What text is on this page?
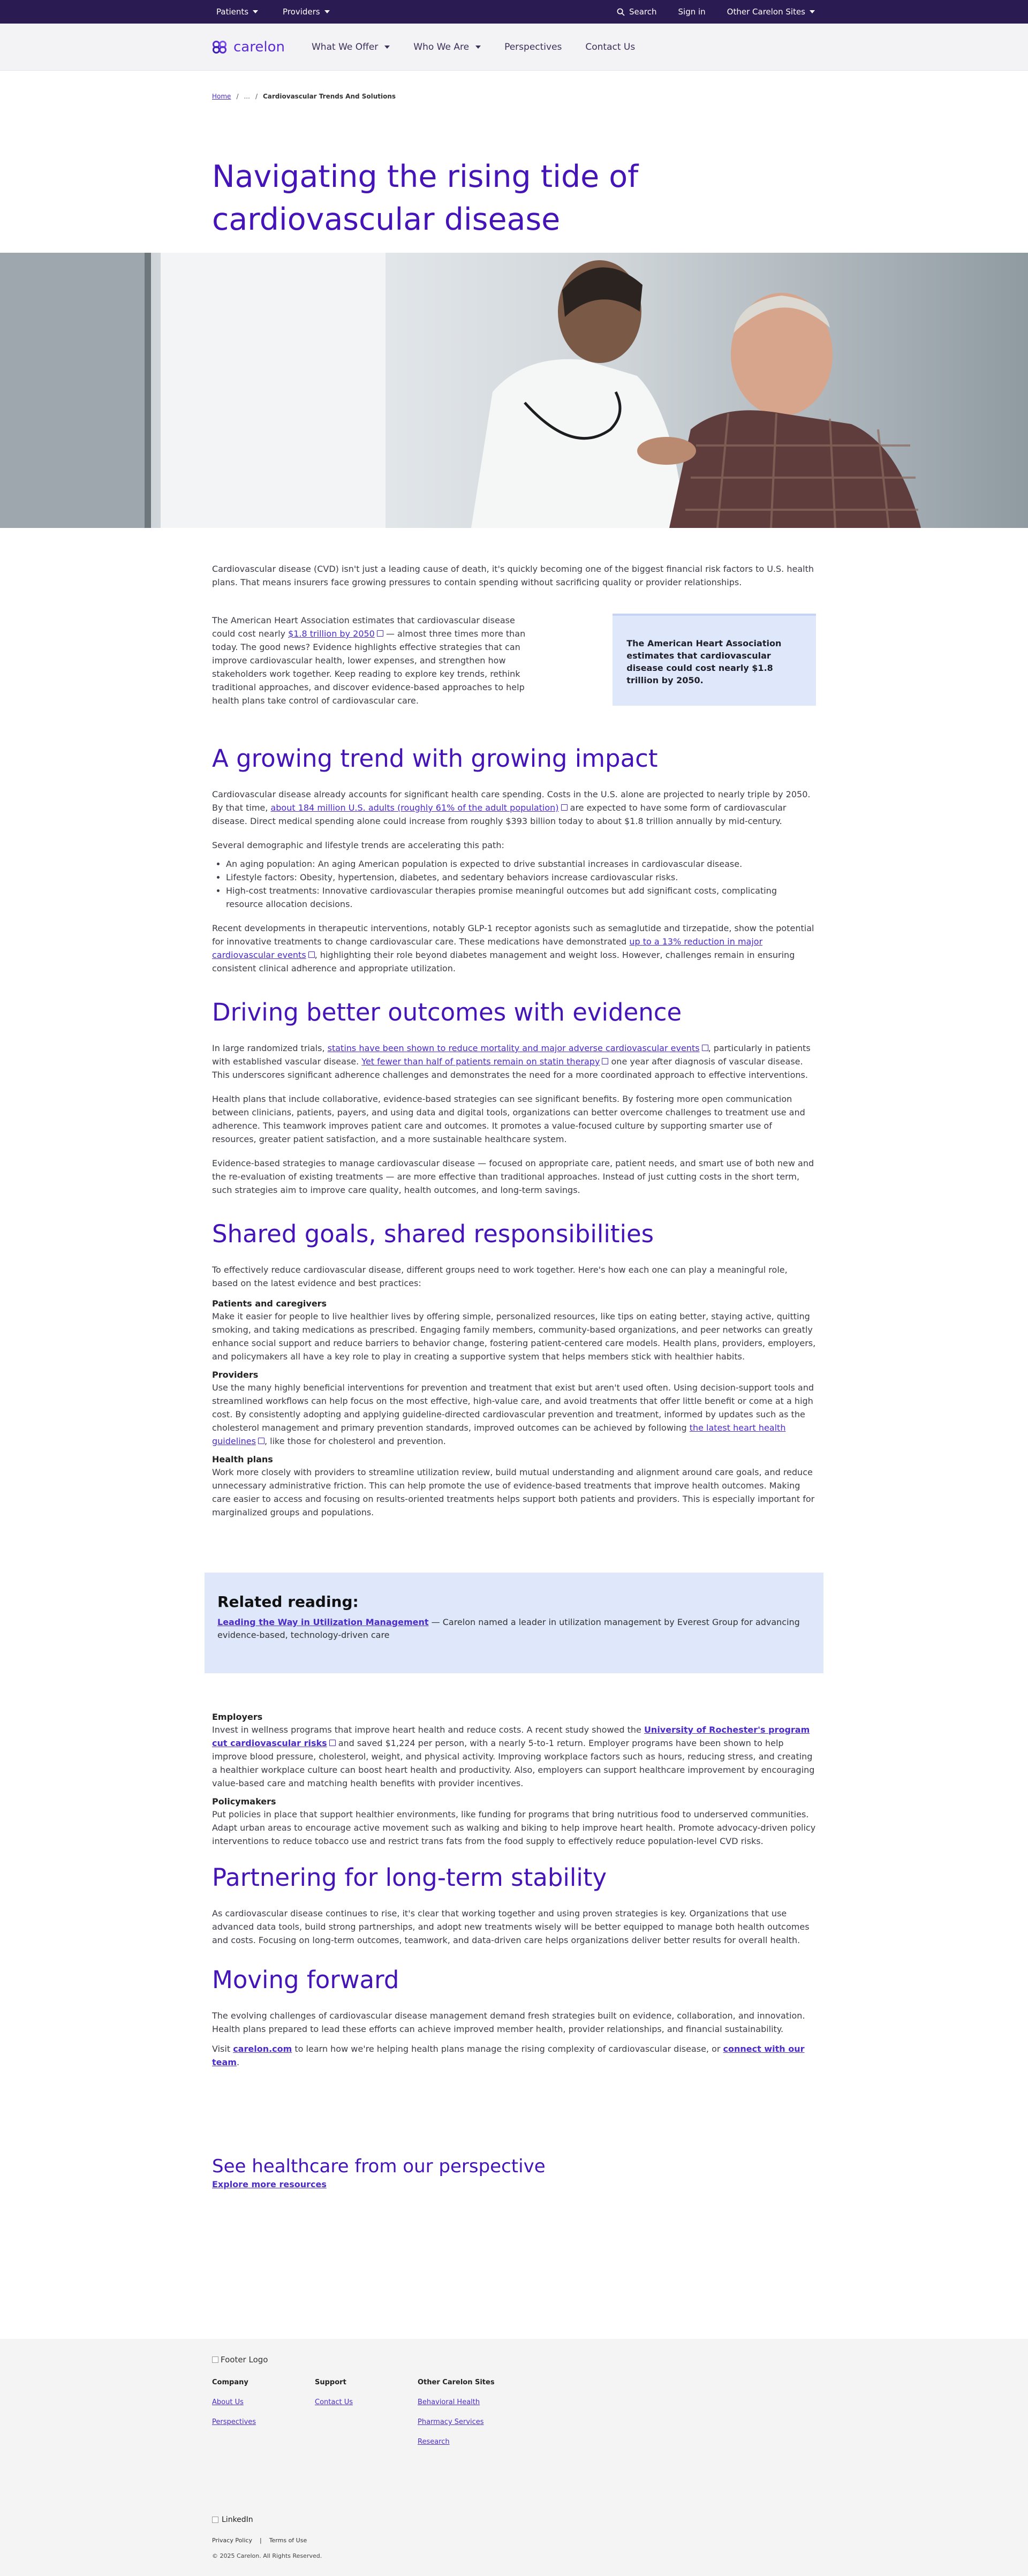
Patients	Providers	Search	Sign in	Other Carelon Sites
carelon	What We Offer	Who We Are	Perspectives	Contact Us
Home / ... / Cardiovascular Trends And Solutions
Navigating the rising tide of cardiovascular disease

Cardiovascular disease (CVD) isn't just a leading cause of death, it's quickly becoming one of the biggest financial risk factors to U.S. health plans. That means insurers face growing pressures to contain spending without sacrificing quality or provider relationships.

The American Heart Association estimates that cardiovascular disease could cost nearly $1.8 trillion by 2050 — almost three times more than today. The good news? Evidence highlights effective strategies that can improve cardiovascular health, lower expenses, and strengthen how stakeholders work together. Keep reading to explore key trends, rethink traditional approaches, and discover evidence-based approaches to help health plans take control of cardiovascular care.

The American Heart Association estimates that cardiovascular disease could cost nearly $1.8 trillion by 2050.
A growing trend with growing impact

Cardiovascular disease already accounts for significant health care spending. Costs in the U.S. alone are projected to nearly triple by 2050. By that time, about 184 million U.S. adults (roughly 61% of the adult population) are expected to have some form of cardiovascular disease. Direct medical spending alone could increase from roughly $393 billion today to about $1.8 trillion annually by mid-century.

Several demographic and lifestyle trends are accelerating this path:

• An aging population: An aging American population is expected to drive substantial increases in cardiovascular disease.
• Lifestyle factors: Obesity, hypertension, diabetes, and sedentary behaviors increase cardiovascular risks.
• High-cost treatments: Innovative cardiovascular therapies promise meaningful outcomes but add significant costs, complicating resource allocation decisions.

Recent developments in therapeutic interventions, notably GLP-1 receptor agonists such as semaglutide and tirzepatide, show the potential for innovative treatments to change cardiovascular care. These medications have demonstrated up to a 13% reduction in major cardiovascular events , highlighting their role beyond diabetes management and weight loss. However, challenges remain in ensuring consistent clinical adherence and appropriate utilization.

Driving better outcomes with evidence

In large randomized trials, statins have been shown to reduce mortality and major adverse cardiovascular events , particularly in patients with established vascular disease. Yet fewer than half of patients remain on statin therapy one year after diagnosis of vascular disease. This underscores significant adherence challenges and demonstrates the need for a more coordinated approach to effective interventions.

Health plans that include collaborative, evidence-based strategies can see significant benefits. By fostering more open communication between clinicians, patients, payers, and using data and digital tools, organizations can better overcome challenges to treatment use and adherence. This teamwork improves patient care and outcomes. It promotes a value-focused culture by supporting smarter use of resources, greater patient satisfaction, and a more sustainable healthcare system.

Evidence-based strategies to manage cardiovascular disease — focused on appropriate care, patient needs, and smart use of both new and the re-evaluation of existing treatments — are more effective than traditional approaches. Instead of just cutting costs in the short term, such strategies aim to improve care quality, health outcomes, and long-term savings.

Shared goals, shared responsibilities

To effectively reduce cardiovascular disease, different groups need to work together. Here's how each one can play a meaningful role, based on the latest evidence and best practices:

Patients and caregivers

Make it easier for people to live healthier lives by offering simple, personalized resources, like tips on eating better, staying active, quitting smoking, and taking medications as prescribed. Engaging family members, community-based organizations, and peer networks can greatly enhance social support and reduce barriers to behavior change, fostering patient-centered care models. Health plans, providers, employers, and policymakers all have a key role to play in creating a supportive system that helps members stick with healthier habits.

Providers

Use the many highly beneficial interventions for prevention and treatment that exist but aren't used often. Using decision-support tools and streamlined workflows can help focus on the most effective, high-value care, and avoid treatments that offer little benefit or come at a high cost. By consistently adopting and applying guideline-directed cardiovascular prevention and treatment, informed by updates such as the cholesterol management and primary prevention standards, improved outcomes can be achieved by following the latest heart health guidelines , like those for cholesterol and prevention.

Health plans

Work more closely with providers to streamline utilization review, build mutual understanding and alignment around care goals, and reduce unnecessary administrative friction. This can help promote the use of evidence-based treatments that improve health outcomes. Making care easier to access and focusing on results-oriented treatments helps support both patients and providers. This is especially important for marginalized groups and populations.

Related reading:

Leading the Way in Utilization Management — Carelon named a leader in utilization management by Everest Group for advancing evidence-based, technology-driven care

Employers

Invest in wellness programs that improve heart health and reduce costs. A recent study showed the University of Rochester's program cut cardiovascular risks and saved $1,224 per person, with a nearly 5-to-1 return. Employer programs have been shown to help improve blood pressure, cholesterol, weight, and physical activity. Improving workplace factors such as hours, reducing stress, and creating a healthier workplace culture can boost heart health and productivity. Also, employers can support healthcare improvement by encouraging value-based care and matching health benefits with provider incentives.

Policymakers

Put policies in place that support healthier environments, like funding for programs that bring nutritious food to underserved communities. Adapt urban areas to encourage active movement such as walking and biking to help improve heart health. Promote advocacy-driven policy interventions to reduce tobacco use and restrict trans fats from the food supply to effectively reduce population-level CVD risks.

Partnering for long-term stability

As cardiovascular disease continues to rise, it's clear that working together and using proven strategies is key. Organizations that use advanced data tools, build strong partnerships, and adopt new treatments wisely will be better equipped to manage both health outcomes and costs. Focusing on long-term outcomes, teamwork, and data-driven care helps organizations deliver better results for overall health.

Moving forward

The evolving challenges of cardiovascular disease management demand fresh strategies built on evidence, collaboration, and innovation. Health plans prepared to lead these efforts can achieve improved member health, provider relationships, and financial sustainability.

Visit carelon.com to learn how we're helping health plans manage the rising complexity of cardiovascular disease, or connect with our team.

See healthcare from our perspective
Explore more resources
Footer Logo
Company
About Us
Perspectives
Support
Contact Us
Other Carelon Sites
Behavioral Health
Pharmacy Services
Research
LinkedIn
Privacy Policy | Terms of Use
© 2025 Carelon. All Rights Reserved.
